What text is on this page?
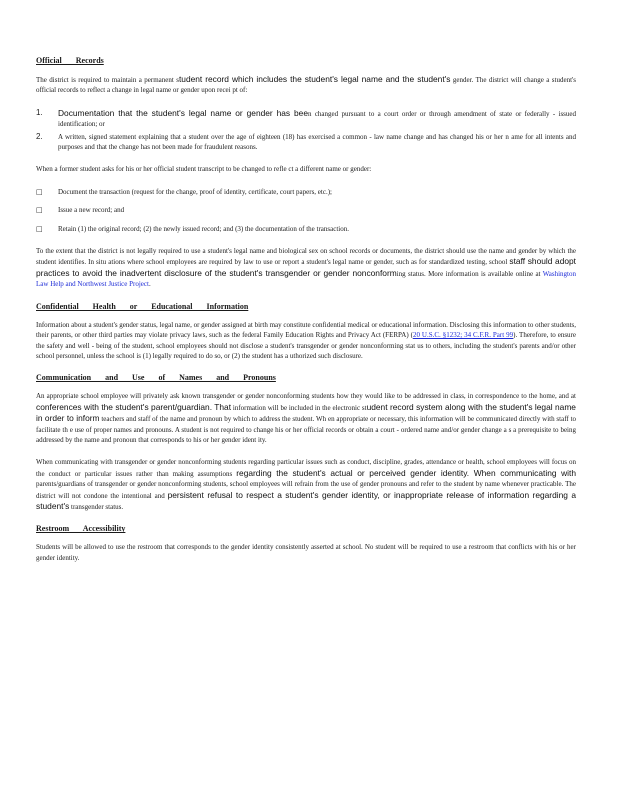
Official Records
The district is required to maintain a permanent student record which includes the student's legal name and the student's gender. The district will change a student's official records to reflect a change in legal name or gender upon recei pt of:
1.	Documentation that the student's legal name or gender has been changed pursuant to a court order or through amendment of state or federally - issued identification; or
2.	A written, signed statement explaining that a student over the age of eighteen (18) has exercised a common - law name change and has changed his or her n ame for all intents and purposes and that the change has not been made for fraudulent reasons.
When a former student asks for his or her official student transcript to be changed to refle ct a different name or gender:
□	Document the transaction (request for the change, proof of identity, certificate, court papers, etc.);
□	Issue a new record; and
□	Retain (1) the original record; (2) the newly issued record; and (3) the documentation of the transaction.
To the extent that the district is not legally required to use a student's legal name and biological sex on school records or documents, the district should use the name and gender by which the student identifies. In situ ations where school employees are required by law to use or report a student's legal name or gender, such as for standardized testing, school staff should adopt practices to avoid the inadvertent disclosure of the student's transgender or gender nonconforming status. More information is available online at Washington Law Help and Northwest Justice Project.
Confidential Health or Educational Information
Information about a student's gender status, legal name, or gender assigned at birth may constitute confidential medical or educational information. Disclosing this information to other students, their parents, or other third parties may violate privacy laws, such as the federal Family Education Rights and Privacy Act (FERPA) (20 U.S.C. §1232; 34 C.F.R. Part 99). Therefore, to ensure the safety and well - being of the student, school employees should not disclose a student's transgender or gender nonconforming stat us to others, including the student's parents and/or other school personnel, unless the school is (1) legally required to do so, or (2) the student has a uthorized such disclosure.
Communication and Use of Names and Pronouns
An appropriate school employee will privately ask known transgender or gender nonconforming students how they would like to be addressed in class, in correspondence to the home, and at conferences with the student's parent/guardian. That information will be included in the electronic student record system along with the student's legal name in order to inform teachers and staff of the name and pronoun by which to address the student. Wh en appropriate or necessary, this information will be communicated directly with staff to facilitate th e use of proper names and pronouns. A student is not required to change his or her official records or obtain a court - ordered name and/or gender change a s a prerequisite to being addressed by the name and pronoun that corresponds to his or her gender ident ity.
When communicating with transgender or gender nonconforming students regarding particular issues such as conduct, discipline, grades, attendance or health, school employees will focus on the conduct or particular issues rather than making assumptions regarding the student's actual or perceived gender identity. When communicating with parents/guardians of transgender or gender nonconforming students, school employees will refrain from the use of gender pronouns and refer to the student by name whenever practicable. The district will not condone the intentional and persistent refusal to respect a student's gender identity, or inappropriate release of information regarding a student's transgender status.
Restroom Accessibility
Students will be allowed to use the restroom that corresponds to the gender identity consistently asserted at school. No student will be required to use a restroom that conflicts with his or her gender identity.
